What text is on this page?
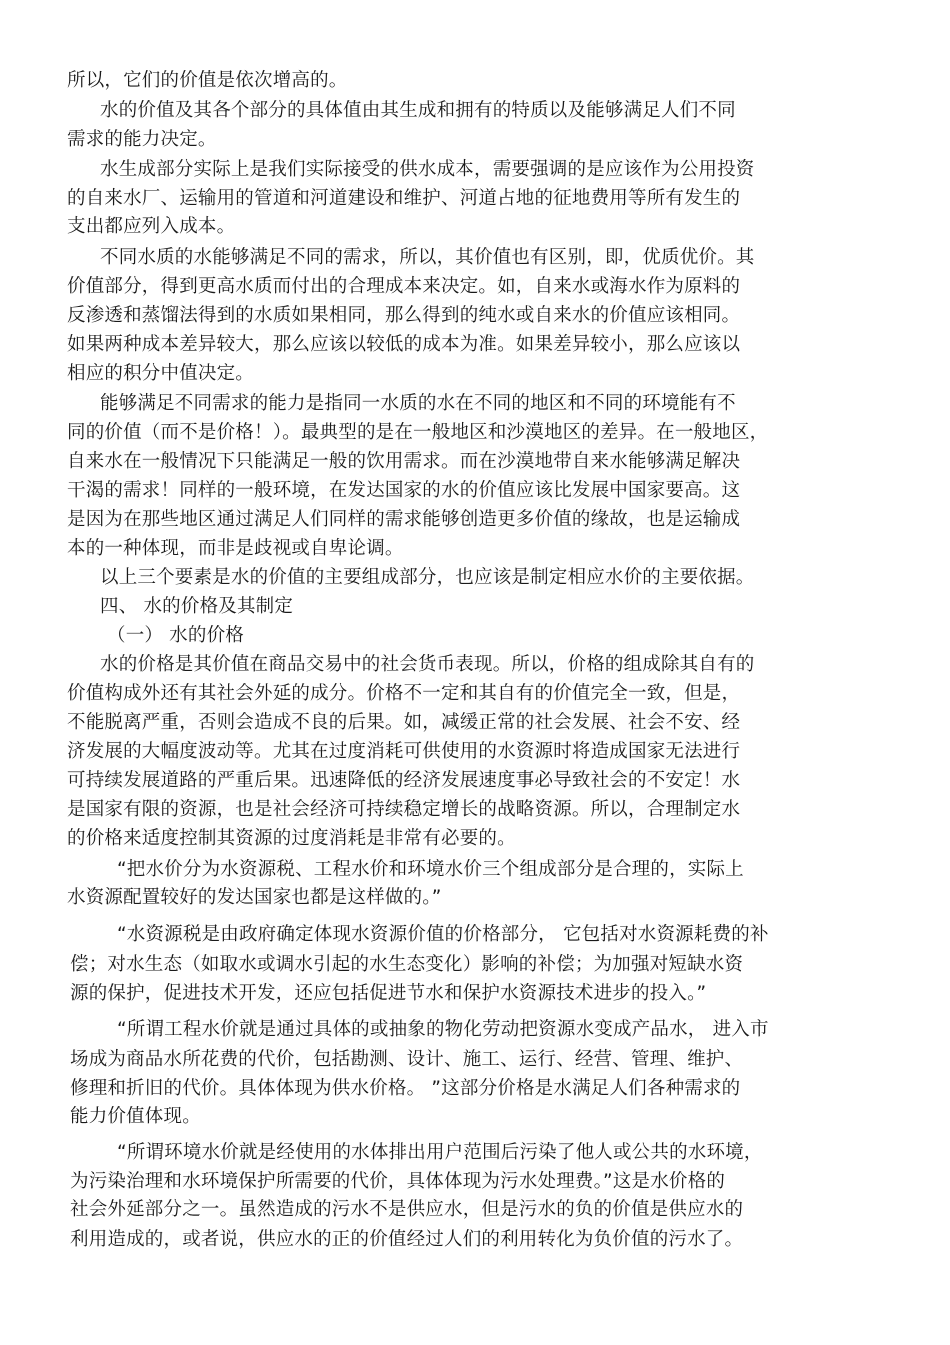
所以，它们的价值是依次增高的。
水的价值及其各个部分的具体值由其生成和拥有的特质以及能够满足人们不同
需求的能力决定。
水生成部分实际上是我们实际接受的供水成本，需要强调的是应该作为公用投资
的自来水厂、运输用的管道和河道建设和维护、河道占地的征地费用等所有发生的
支出都应列入成本。
不同水质的水能够满足不同的需求，所以，其价值也有区别，即，优质优价。其
价值部分，得到更高水质而付出的合理成本来决定。如，自来水或海水作为原料的
反渗透和蒸馏法得到的水质如果相同，那么得到的纯水或自来水的价值应该相同。
如果两种成本差异较大，那么应该以较低的成本为准。如果差异较小，那么应该以
相应的积分中值决定。
能够满足不同需求的能力是指同一水质的水在不同的地区和不同的环境能有不
同的价值（而不是价格！）。最典型的是在一般地区和沙漠地区的差异。在一般地区，
自来水在一般情况下只能满足一般的饮用需求。而在沙漠地带自来水能够满足解决
干渴的需求！同样的一般环境，在发达国家的水的价值应该比发展中国家要高。这
是因为在那些地区通过满足人们同样的需求能够创造更多价值的缘故，也是运输成
本的一种体现，而非是歧视或自卑论调。
以上三个要素是水的价值的主要组成部分，也应该是制定相应水价的主要依据。
四、 水的价格及其制定
（一） 水的价格
水的价格是其价值在商品交易中的社会货币表现。所以，价格的组成除其自有的
价值构成外还有其社会外延的成分。价格不一定和其自有的价值完全一致，但是，
不能脱离严重，否则会造成不良的后果。如，减缓正常的社会发展、社会不安、经
济发展的大幅度波动等。尤其在过度消耗可供使用的水资源时将造成国家无法进行
可持续发展道路的严重后果。迅速降低的经济发展速度事必导致社会的不安定！水
是国家有限的资源，也是社会经济可持续稳定增长的战略资源。所以，合理制定水
的价格来适度控制其资源的过度消耗是非常有必要的。
“把水价分为水资源税、工程水价和环境水价三个组成部分是合理的，实际上
水资源配置较好的发达国家也都是这样做的。”
“水资源税是由政府确定体现水资源价值的价格部分， 它包括对水资源耗费的补
偿；对水生态（如取水或调水引起的水生态变化）影响的补偿；为加强对短缺水资
源的保护，促进技术开发，还应包括促进节水和保护水资源技术进步的投入。”
“所谓工程水价就是通过具体的或抽象的物化劳动把资源水变成产品水， 进入市
场成为商品水所花费的代价，包括勘测、设计、施工、运行、经营、管理、维护、
修理和折旧的代价。具体体现为供水价格。 ”这部分价格是水满足人们各种需求的
能力价值体现。
“所谓环境水价就是经使用的水体排出用户范围后污染了他人或公共的水环境，
为污染治理和水环境保护所需要的代价，具体体现为污水处理费。”这是水价格的
社会外延部分之一。虽然造成的污水不是供应水，但是污水的负的价值是供应水的
利用造成的，或者说，供应水的正的价值经过人们的利用转化为负价值的污水了。
